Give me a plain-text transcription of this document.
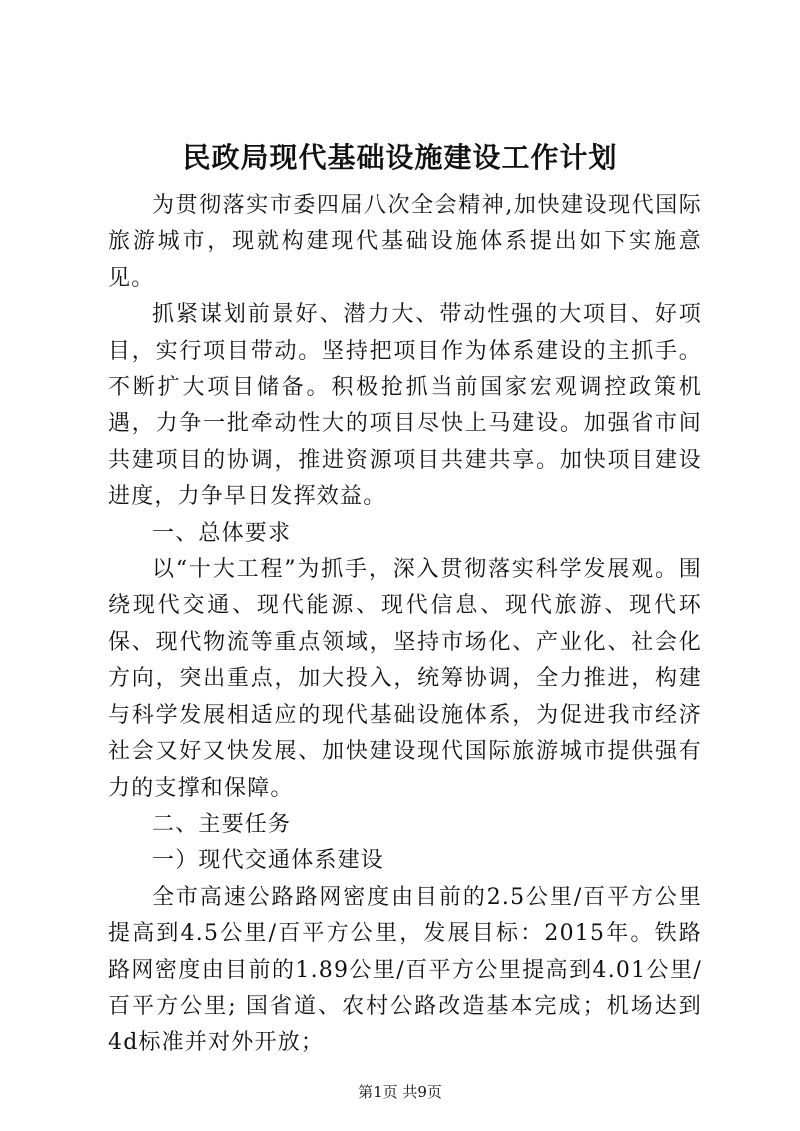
民政局现代基础设施建设工作计划

为贯彻落实市委四届八次全会精神,加快建设现代国际旅游城市，现就构建现代基础设施体系提出如下实施意见。

抓紧谋划前景好、潜力大、带动性强的大项目、好项目，实行项目带动。坚持把项目作为体系建设的主抓手。不断扩大项目储备。积极抢抓当前国家宏观调控政策机遇，力争一批牵动性大的项目尽快上马建设。加强省市间共建项目的协调，推进资源项目共建共享。加快项目建设进度，力争早日发挥效益。

一、总体要求

以“十大工程”为抓手，深入贯彻落实科学发展观。围绕现代交通、现代能源、现代信息、现代旅游、现代环保、现代物流等重点领域，坚持市场化、产业化、社会化方向，突出重点，加大投入，统筹协调，全力推进，构建与科学发展相适应的现代基础设施体系，为促进我市经济社会又好又快发展、加快建设现代国际旅游城市提供强有力的支撑和保障。

二、主要任务

一）现代交通体系建设

全市高速公路路网密度由目前的2.5公里/百平方公里提高到4.5公里/百平方公里，发展目标：2015年。铁路路网密度由目前的1.89公里/百平方公里提高到4.01公里/百平方公里; 国省道、农村公路改造基本完成；机场达到4d标准并对外开放；

第1页 共9页
